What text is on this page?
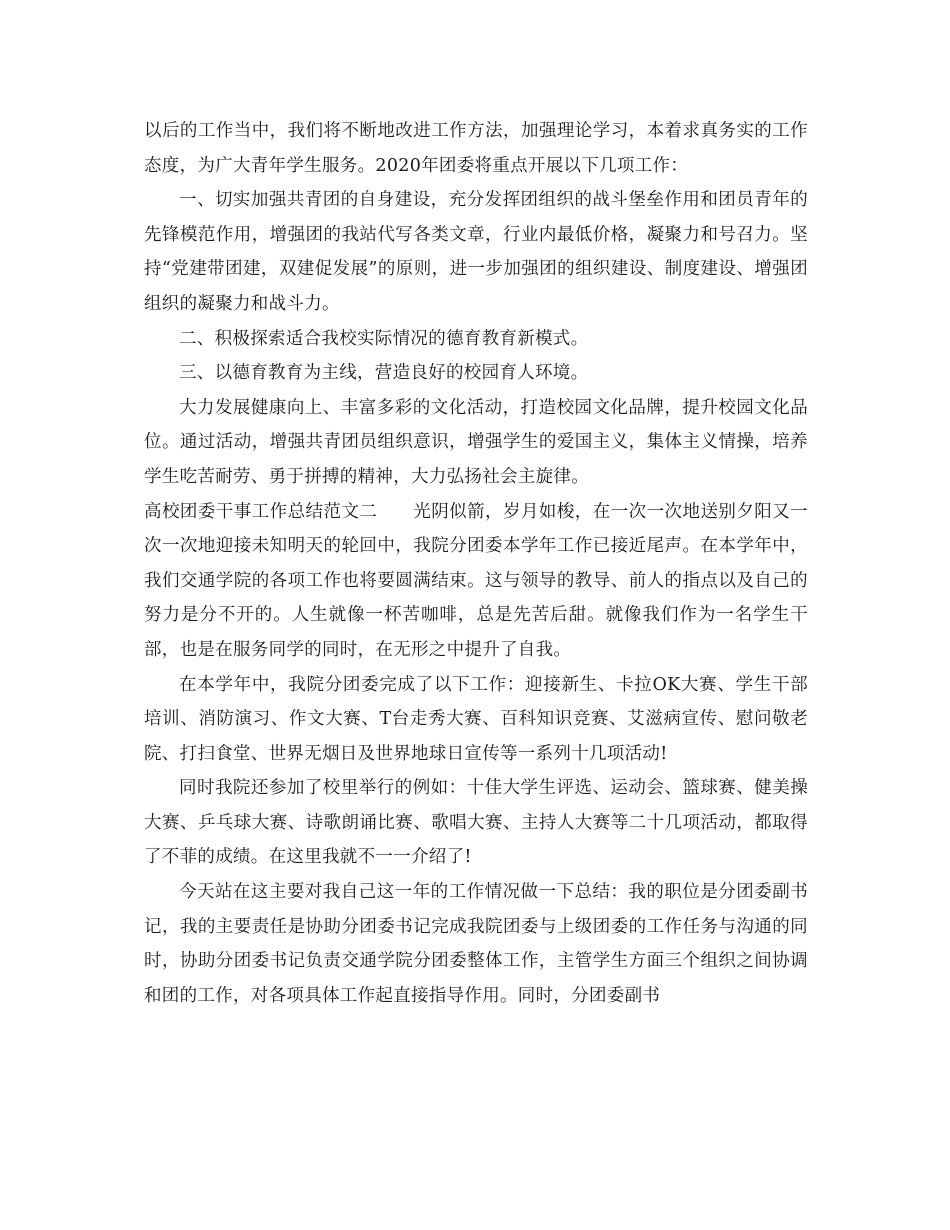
以后的工作当中，我们将不断地改进工作方法，加强理论学习，本着求真务实的工作态度，为广大青年学生服务。2020年团委将重点开展以下几项工作：

一、切实加强共青团的自身建设，充分发挥团组织的战斗堡垒作用和团员青年的先锋模范作用，增强团的我站代写各类文章，行业内最低价格，凝聚力和号召力。坚持“党建带团建，双建促发展”的原则，进一步加强团的组织建设、制度建设、增强团组织的凝聚力和战斗力。

二、积极探索适合我校实际情况的德育教育新模式。

三、以德育教育为主线，营造良好的校园育人环境。

大力发展健康向上、丰富多彩的文化活动，打造校园文化品牌，提升校园文化品位。通过活动，增强共青团员组织意识，增强学生的爱国主义，集体主义情操，培养学生吃苦耐劳、勇于拼搏的精神，大力弘扬社会主旋律。

高校团委干事工作总结范文二　　光阴似箭，岁月如梭，在一次一次地送别夕阳又一次一次地迎接未知明天的轮回中，我院分团委本学年工作已接近尾声。在本学年中，我们交通学院的各项工作也将要圆满结束。这与领导的教导、前人的指点以及自己的努力是分不开的。人生就像一杯苦咖啡，总是先苦后甜。就像我们作为一名学生干部，也是在服务同学的同时，在无形之中提升了自我。

在本学年中，我院分团委完成了以下工作：迎接新生、卡拉OK大赛、学生干部培训、消防演习、作文大赛、T台走秀大赛、百科知识竞赛、艾滋病宣传、慰问敬老院、打扫食堂、世界无烟日及世界地球日宣传等一系列十几项活动!

同时我院还参加了校里举行的例如：十佳大学生评选、运动会、篮球赛、健美操大赛、乒乓球大赛、诗歌朗诵比赛、歌唱大赛、主持人大赛等二十几项活动，都取得了不菲的成绩。在这里我就不一一介绍了!

今天站在这主要对我自己这一年的工作情况做一下总结：我的职位是分团委副书记，我的主要责任是协助分团委书记完成我院团委与上级团委的工作任务与沟通的同时，协助分团委书记负责交通学院分团委整体工作，主管学生方面三个组织之间协调和团的工作，对各项具体工作起直接指导作用。同时，分团委副书
